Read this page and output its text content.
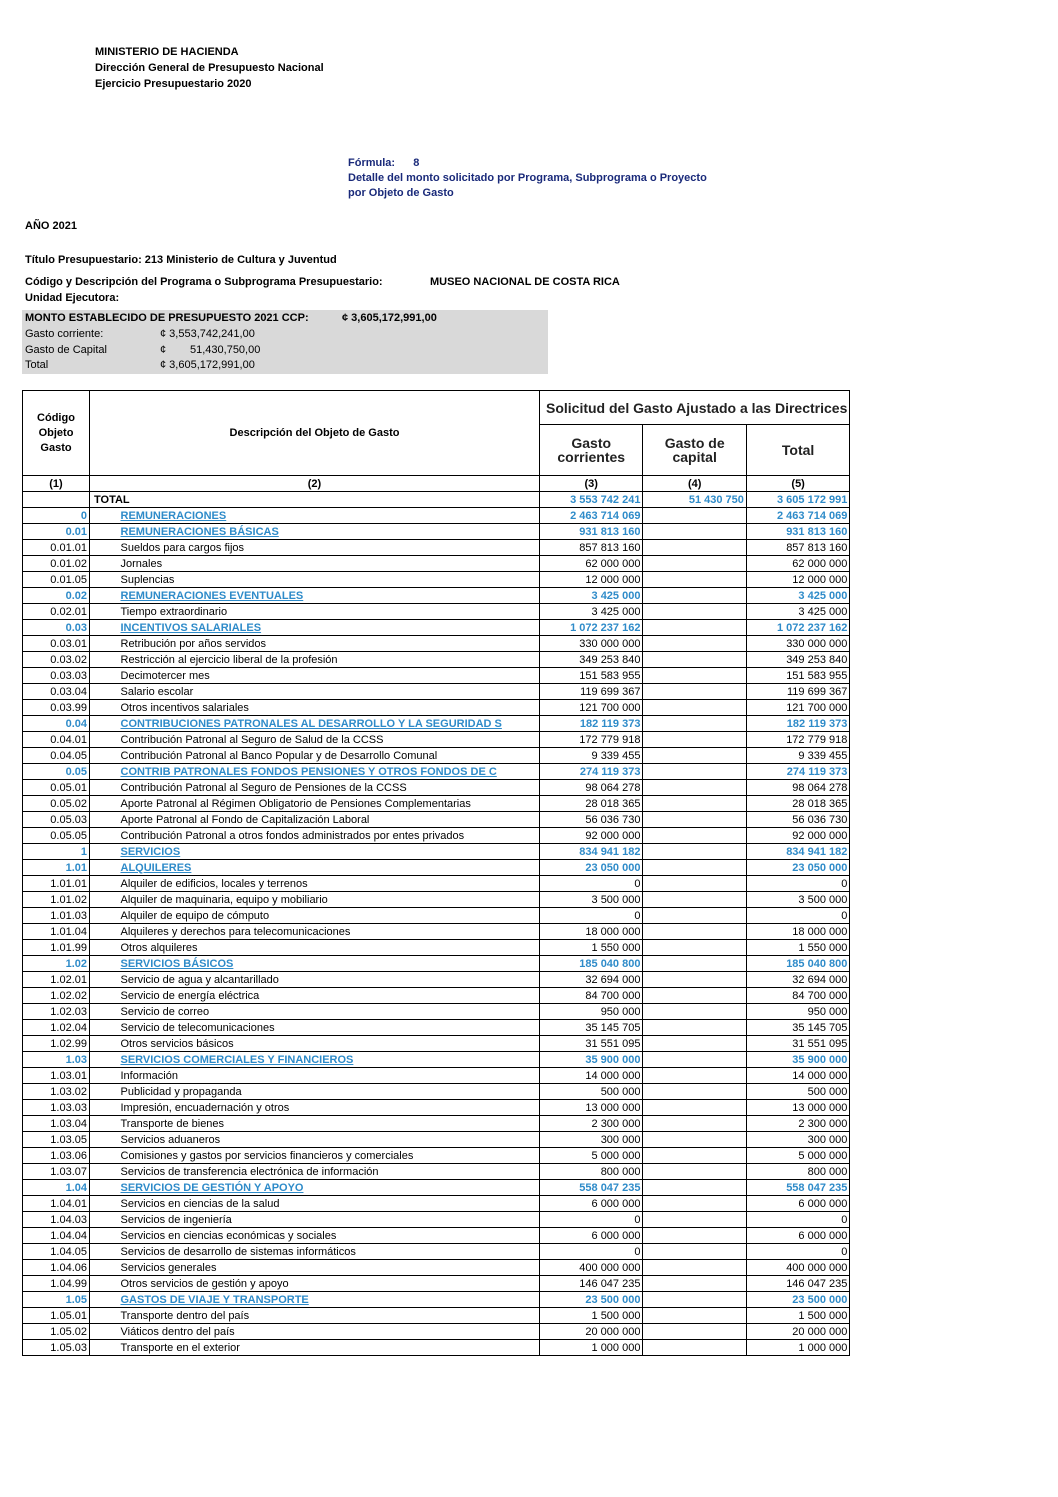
MINISTERIO DE HACIENDA
Dirección General de Presupuesto Nacional
Ejercicio Presupuestario 2020
Fórmula: 8
Detalle del monto solicitado por Programa, Subprograma o Proyecto
por Objeto de Gasto
AÑO 2021
Título Presupuestario: 213 Ministerio de Cultura y Juventud
Código y Descripción del Programa o Subprograma Presupuestario:	MUSEO NACIONAL DE COSTA RICA
Unidad Ejecutora:
MONTO ESTABLECIDO DE PRESUPUESTO 2021 CCP:	¢ 3,605,172,991,00
Gasto corriente:	¢ 3,553,742,241,00
Gasto de Capital	¢ 51,430,750,00
Total	¢ 3,605,172,991,00
Código Objeto Gasto	Descripción del Objeto de Gasto		Solicitud del Gasto Ajustado a las Directrices		

			Gasto corrientes	Gasto de capital	Total
(1)	(2)		(3)	(4)	(5)
	TOTAL		3 553 742 241	51 430 750	3 605 172 991
0		REMUNERACIONES	2 463 714 069		2 463 714 069
0.01		REMUNERACIONES BÁSICAS	931 813 160		931 813 160
0.01.01		Sueldos para cargos fijos	857 813 160		857 813 160
0.01.02		Jornales	62 000 000		62 000 000
0.01.05		Suplencias	12 000 000		12 000 000
0.02		REMUNERACIONES EVENTUALES	3 425 000		3 425 000
0.02.01		Tiempo extraordinario	3 425 000		3 425 000
0.03		INCENTIVOS SALARIALES	1 072 237 162		1 072 237 162
0.03.01		Retribución por años servidos	330 000 000		330 000 000
0.03.02		Restricción al ejercicio liberal de la profesión	349 253 840		349 253 840
0.03.03		Decimotercer mes	151 583 955		151 583 955
0.03.04		Salario escolar	119 699 367		119 699 367
0.03.99		Otros incentivos salariales	121 700 000		121 700 000
0.04		CONTRIBUCIONES PATRONALES AL DESARROLLO Y LA SEGURIDAD S	182 119 373		182 119 373
0.04.01		Contribución Patronal al Seguro de Salud de la CCSS	172 779 918		172 779 918
0.04.05		Contribución Patronal al Banco Popular y de Desarrollo Comunal	9 339 455		9 339 455
0.05		CONTRIB PATRONALES FONDOS PENSIONES Y OTROS FONDOS DE C	274 119 373		274 119 373
0.05.01		Contribución Patronal al Seguro de Pensiones de la CCSS	98 064 278		98 064 278
0.05.02		Aporte Patronal al Régimen Obligatorio de Pensiones Complementarias	28 018 365		28 018 365
0.05.03		Aporte Patronal al Fondo de Capitalización Laboral	56 036 730		56 036 730
0.05.05		Contribución Patronal a otros fondos administrados por entes privados	92 000 000		92 000 000
1		SERVICIOS	834 941 182		834 941 182
1.01		ALQUILERES	23 050 000		23 050 000
1.01.01		Alquiler de edificios, locales y terrenos	0		0
1.01.02		Alquiler de maquinaria, equipo y mobiliario	3 500 000		3 500 000
1.01.03		Alquiler de equipo de cómputo	0		0
1.01.04		Alquileres y derechos para telecomunicaciones	18 000 000		18 000 000
1.01.99		Otros alquileres	1 550 000		1 550 000
1.02		SERVICIOS BÁSICOS	185 040 800		185 040 800
1.02.01		Servicio de agua y alcantarillado	32 694 000		32 694 000
1.02.02		Servicio de energía eléctrica	84 700 000		84 700 000
1.02.03		Servicio de correo	950 000		950 000
1.02.04		Servicio de telecomunicaciones	35 145 705		35 145 705
1.02.99		Otros servicios básicos	31 551 095		31 551 095
1.03		SERVICIOS COMERCIALES Y FINANCIEROS	35 900 000		35 900 000
1.03.01		Información	14 000 000		14 000 000
1.03.02		Publicidad y propaganda	500 000		500 000
1.03.03		Impresión, encuadernación y otros	13 000 000		13 000 000
1.03.04		Transporte de bienes	2 300 000		2 300 000
1.03.05		Servicios aduaneros	300 000		300 000
1.03.06		Comisiones y gastos por servicios financieros y comerciales	5 000 000		5 000 000
1.03.07		Servicios de transferencia electrónica de información	800 000		800 000
1.04		SERVICIOS DE GESTIÓN Y APOYO	558 047 235		558 047 235
1.04.01		Servicios en ciencias de la salud	6 000 000		6 000 000
1.04.03		Servicios de ingeniería	0		0
1.04.04		Servicios en ciencias económicas y sociales	6 000 000		6 000 000
1.04.05		Servicios de desarrollo de sistemas informáticos	0		0
1.04.06		Servicios generales	400 000 000		400 000 000
1.04.99		Otros servicios de gestión y apoyo	146 047 235		146 047 235
1.05		GASTOS DE VIAJE Y TRANSPORTE	23 500 000		23 500 000
1.05.01		Transporte dentro del país	1 500 000		1 500 000
1.05.02		Viáticos dentro del país	20 000 000		20 000 000
1.05.03		Transporte en el exterior	1 000 000		1 000 000
